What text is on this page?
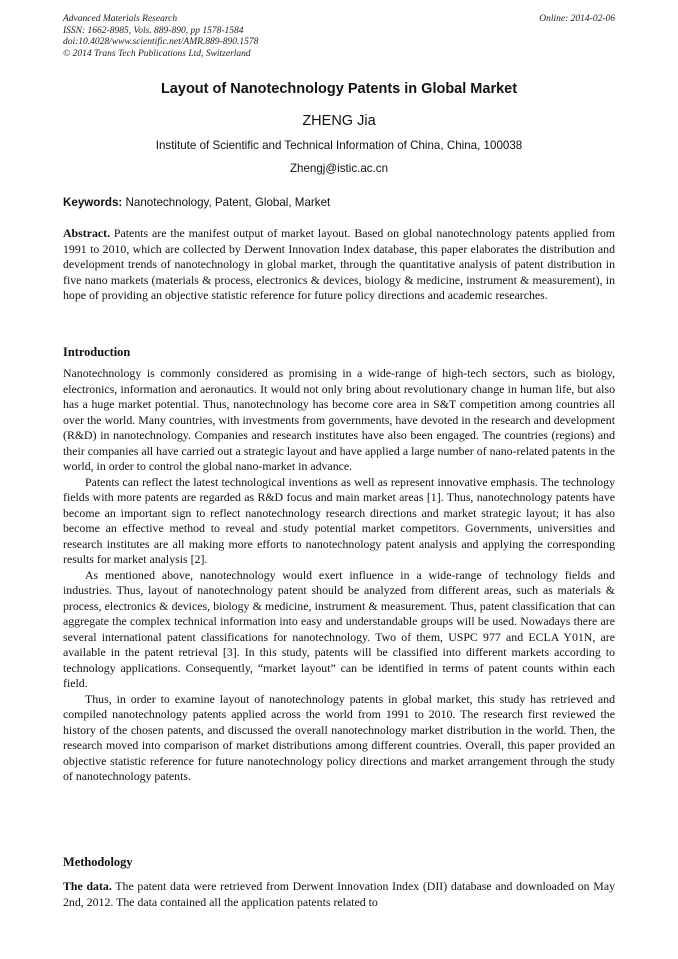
Advanced Materials Research
ISSN: 1662-8985, Vols. 889-890, pp 1578-1584
doi:10.4028/www.scientific.net/AMR.889-890.1578
© 2014 Trans Tech Publications Ltd, Switzerland
Online: 2014-02-06
Layout of Nanotechnology Patents in Global Market
ZHENG Jia
Institute of Scientific and Technical Information of China, China, 100038
Zhengj@istic.ac.cn
Keywords: Nanotechnology, Patent, Global, Market

Abstract. Patents are the manifest output of market layout. Based on global nanotechnology patents applied from 1991 to 2010, which are collected by Derwent Innovation Index database, this paper elaborates the distribution and development trends of nanotechnology in global market, through the quantitative analysis of patent distribution in five nano markets (materials & process, electronics & devices, biology & medicine, instrument & measurement), in hope of providing an objective statistic reference for future policy directions and academic researches.

Introduction

Nanotechnology is commonly considered as promising in a wide-range of high-tech sectors, such as biology, electronics, information and aeronautics. It would not only bring about revolutionary change in human life, but also has a huge market potential. Thus, nanotechnology has become core area in S&T competition among countries all over the world. Many countries, with investments from governments, have devoted in the research and development (R&D) in nanotechnology. Companies and research institutes have also been engaged. The countries (regions) and their companies all have carried out a strategic layout and have applied a large number of nano-related patents in the world, in order to control the global nano-market in advance.

Patents can reflect the latest technological inventions as well as represent innovative emphasis. The technology fields with more patents are regarded as R&D focus and main market areas [1]. Thus, nanotechnology patents have become an important sign to reflect nanotechnology research directions and market strategic layout; it has also become an effective method to reveal and study potential market competitors. Governments, universities and research institutes are all making more efforts to nanotechnology patent analysis and applying the corresponding results for market analysis [2].

As mentioned above, nanotechnology would exert influence in a wide-range of technology fields and industries. Thus, layout of nanotechnology patent should be analyzed from different areas, such as materials & process, electronics & devices, biology & medicine, instrument & measurement. Thus, patent classification that can aggregate the complex technical information into easy and understandable groups will be used. Nowadays there are several international patent classifications for nanotechnology. Two of them, USPC 977 and ECLA Y01N, are available in the patent retrieval [3]. In this study, patents will be classified into different markets according to technology applications. Consequently, “market layout” can be identified in terms of patent counts within each field.

Thus, in order to examine layout of nanotechnology patents in global market, this study has retrieved and compiled nanotechnology patents applied across the world from 1991 to 2010. The research first reviewed the history of the chosen patents, and discussed the overall nanotechnology market distribution in the world. Then, the research moved into comparison of market distributions among different countries. Overall, this paper provided an objective statistic reference for future nanotechnology policy directions and market arrangement through the study of nanotechnology patents.

Methodology

The data. The patent data were retrieved from Derwent Innovation Index (DII) database and downloaded on May 2nd, 2012. The data contained all the application patents related to
